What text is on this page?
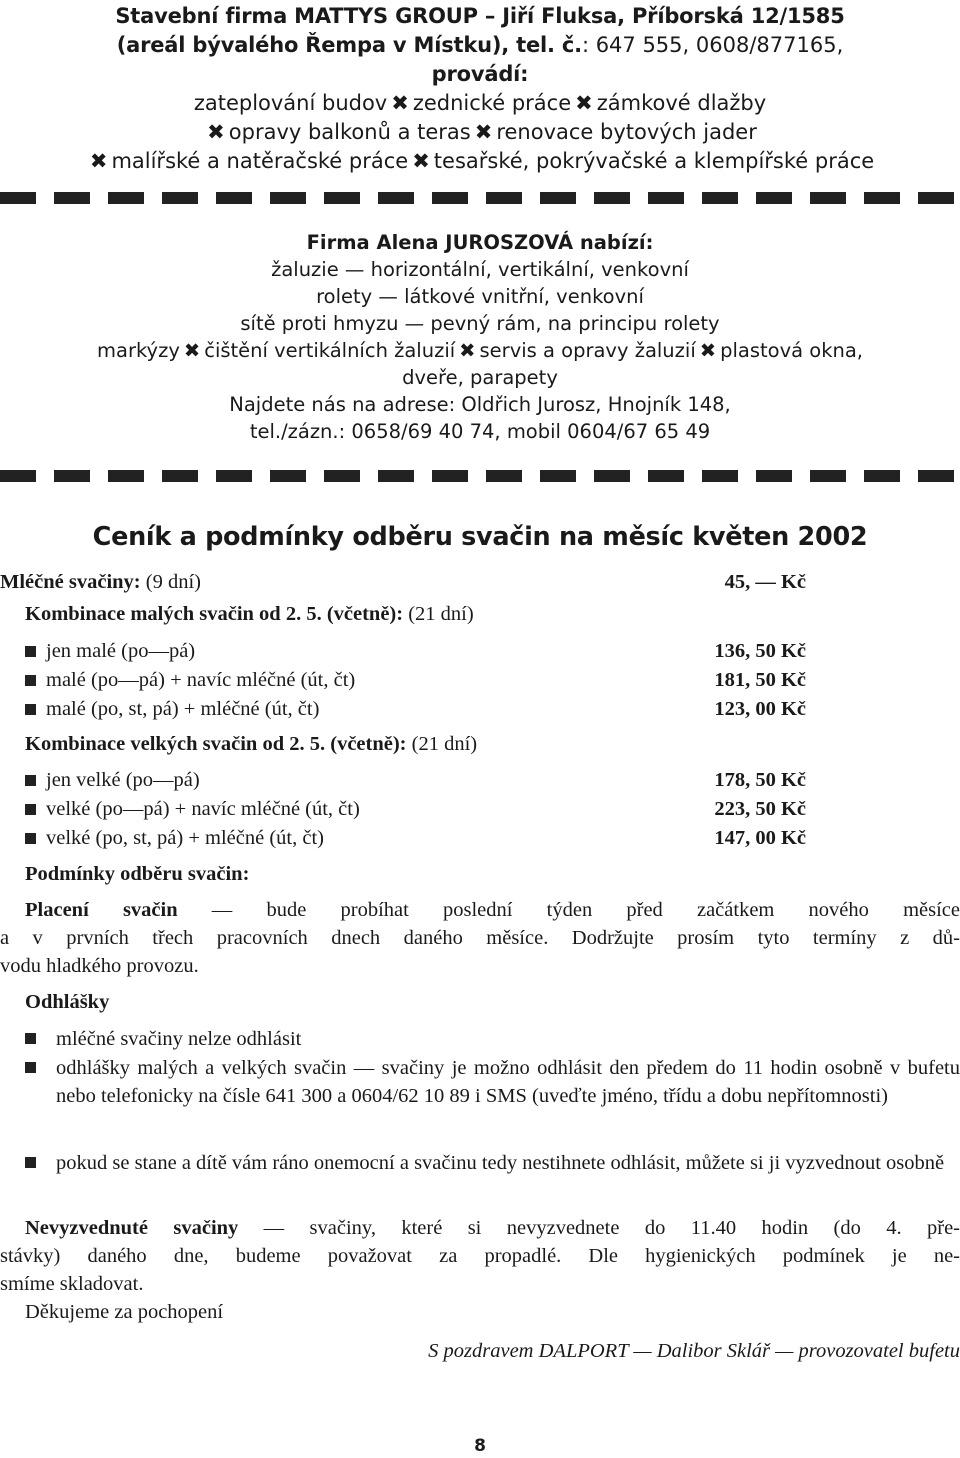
Stavební firma MATTYS GROUP – Jiří Fluksa, Příborská 12/1585
(areál bývalého Řempa v Místku), tel. č.: 647 555, 0608/877165,
provádí:
zateplování budov ✖ zednické práce ✖ zámkové dlažby
✖ opravy balkonů a teras ✖ renovace bytových jader
✖ malířské a natěračské práce ✖ tesařské, pokrývačské a klempířské práce
Firma Alena JUROSZOVÁ nabízí:
žaluzie — horizontální, vertikální, venkovní
rolety — látkové vnitřní, venkovní
sítě proti hmyzu — pevný rám, na principu rolety
markýzy ✖ čištění vertikálních žaluzií ✖ servis a opravy žaluzií ✖ plastová okna,
dveře, parapety
Najdete nás na adrese: Oldřich Jurosz, Hnojník 148,
tel./zázn.: 0658/69 40 74, mobil 0604/67 65 49
Ceník a podmínky odběru svačin na měsíc květen 2002
Mléčné svačiny: (9 dní)	45, — Kč
Kombinace malých svačin od 2. 5. (včetně): (21 dní)
jen malé (po—pá)	136, 50 Kč
malé (po—pá) + navíc mléčné (út, čt)	181, 50 Kč
malé (po, st, pá) + mléčné (út, čt)	123, 00 Kč
Kombinace velkých svačin od 2. 5. (včetně): (21 dní)
jen velké (po—pá)	178, 50 Kč
velké (po—pá) + navíc mléčné (út, čt)	223, 50 Kč
velké (po, st, pá) + mléčné (út, čt)	147, 00 Kč
Podmínky odběru svačin:
Placení svačin — bude probíhat poslední týden před začátkem nového měsíce
a v prvních třech pracovních dnech daného měsíce. Dodržujte prosím tyto termíny z dů-
vodu hladkého provozu.
Odhlášky
mléčné svačiny nelze odhlásit
odhlášky malých a velkých svačin — svačiny je možno odhlásit den předem do 11 hodin osobně v bufetu nebo telefonicky na čísle 641 300 a 0604/62 10 89 i SMS (uveďte jméno, třídu a dobu nepřítomnosti)
pokud se stane a dítě vám ráno onemocní a svačinu tedy nestihnete odhlásit, můžete si ji vyzvednout osobně
Nevyzvednuté svačiny — svačiny, které si nevyzvednete do 11.40 hodin (do 4. pře-
stávky) daného dne, budeme považovat za propadlé. Dle hygienických podmínek je ne-
smíme skladovat.
Děkujeme za pochopení
S pozdravem DALPORT — Dalibor Sklář — provozovatel bufetu
8
